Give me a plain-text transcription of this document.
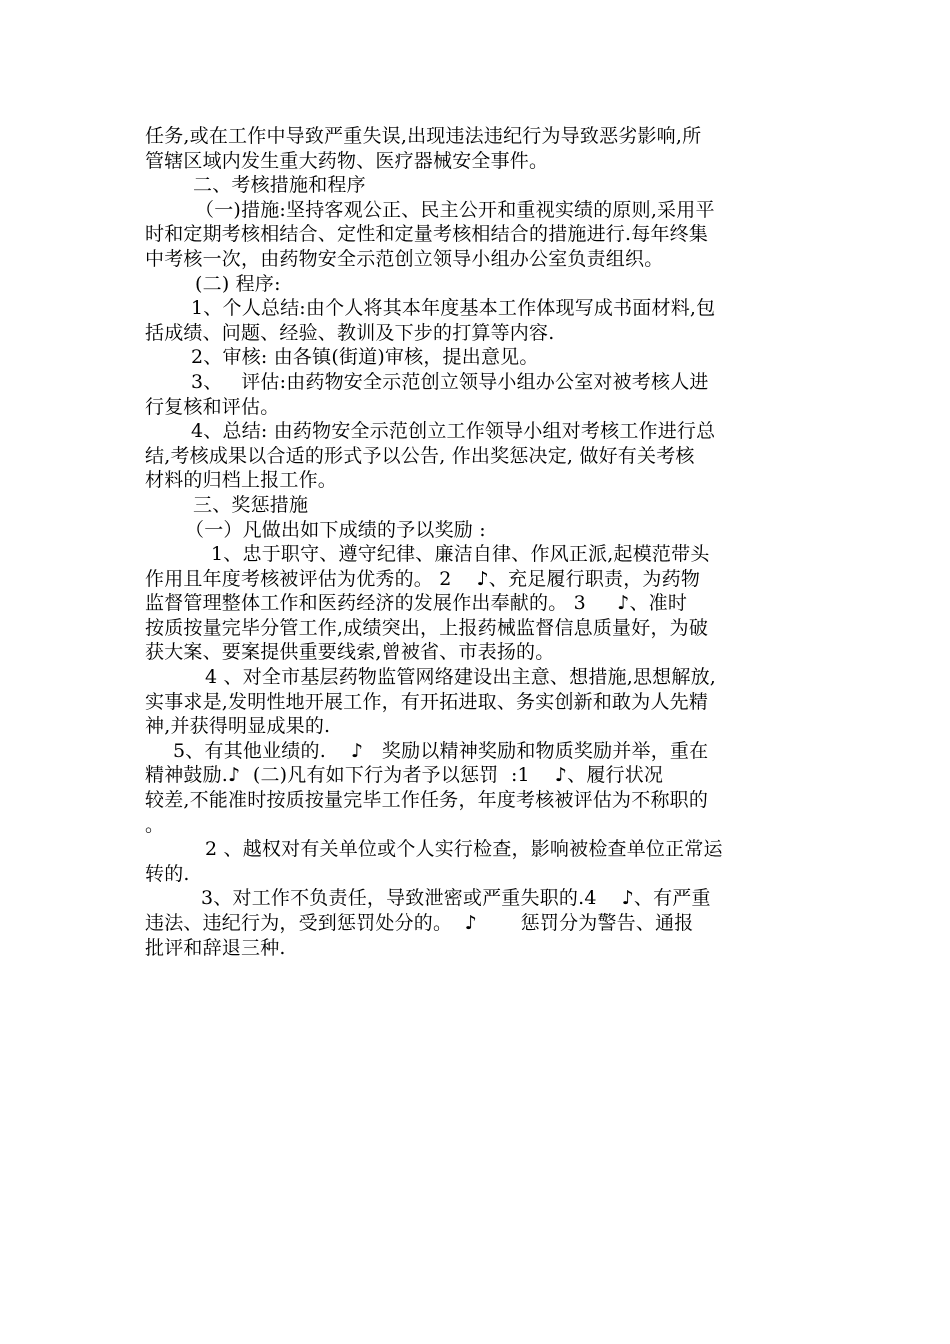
任务,或在工作中导致严重失误,出现违法违纪行为导致恶劣影响,所
管辖区域内发生重大药物、医疗器械安全事件。
二、考核措施和程序
（一)措施:坚持客观公正、民主公开和重视实绩的原则,采用平
时和定期考核相结合、定性和定量考核相结合的措施进行.每年终集
中考核一次，由药物安全示范创立领导小组办公室负责组织。
(二) 程序:
1、个人总结:由个人将其本年度基本工作体现写成书面材料,包
括成绩、问题、经验、教训及下步的打算等内容.
2、审核: 由各镇(街道)审核，提出意见。
3、   评估:由药物安全示范创立领导小组办公室对被考核人进
行复核和评估。
4、总结: 由药物安全示范创立工作领导小组对考核工作进行总
结,考核成果以合适的形式予以公告, 作出奖惩决定, 做好有关考核
材料的归档上报工作。
三、奖惩措施
（一）凡做出如下成绩的予以奖励 :
1、忠于职守、遵守纪律、廉洁自律、作风正派,起模范带头
作用且年度考核被评估为优秀的。 2    ♪、充足履行职责，为药物
监督管理整体工作和医药经济的发展作出奉献的。 3     ♪、准时
按质按量完毕分管工作,成绩突出，上报药械监督信息质量好，为破
获大案、要案提供重要线索,曾被省、市表扬的。
4 、对全市基层药物监管网络建设出主意、想措施,思想解放,
实事求是,发明性地开展工作，有开拓进取、务实创新和敢为人先精
神,并获得明显成果的.
5、有其他业绩的.    ♪   奖励以精神奖励和物质奖励并举，重在
精神鼓励.♪  (二)凡有如下行为者予以惩罚  :1    ♪、履行状况
较差,不能准时按质按量完毕工作任务，年度考核被评估为不称职的
。
2 、越权对有关单位或个人实行检查，影响被检查单位正常运
转的.
3、对工作不负责任，导致泄密或严重失职的.4    ♪、有严重
违法、违纪行为，受到惩罚处分的。  ♪       惩罚分为警告、通报
批评和辞退三种.
